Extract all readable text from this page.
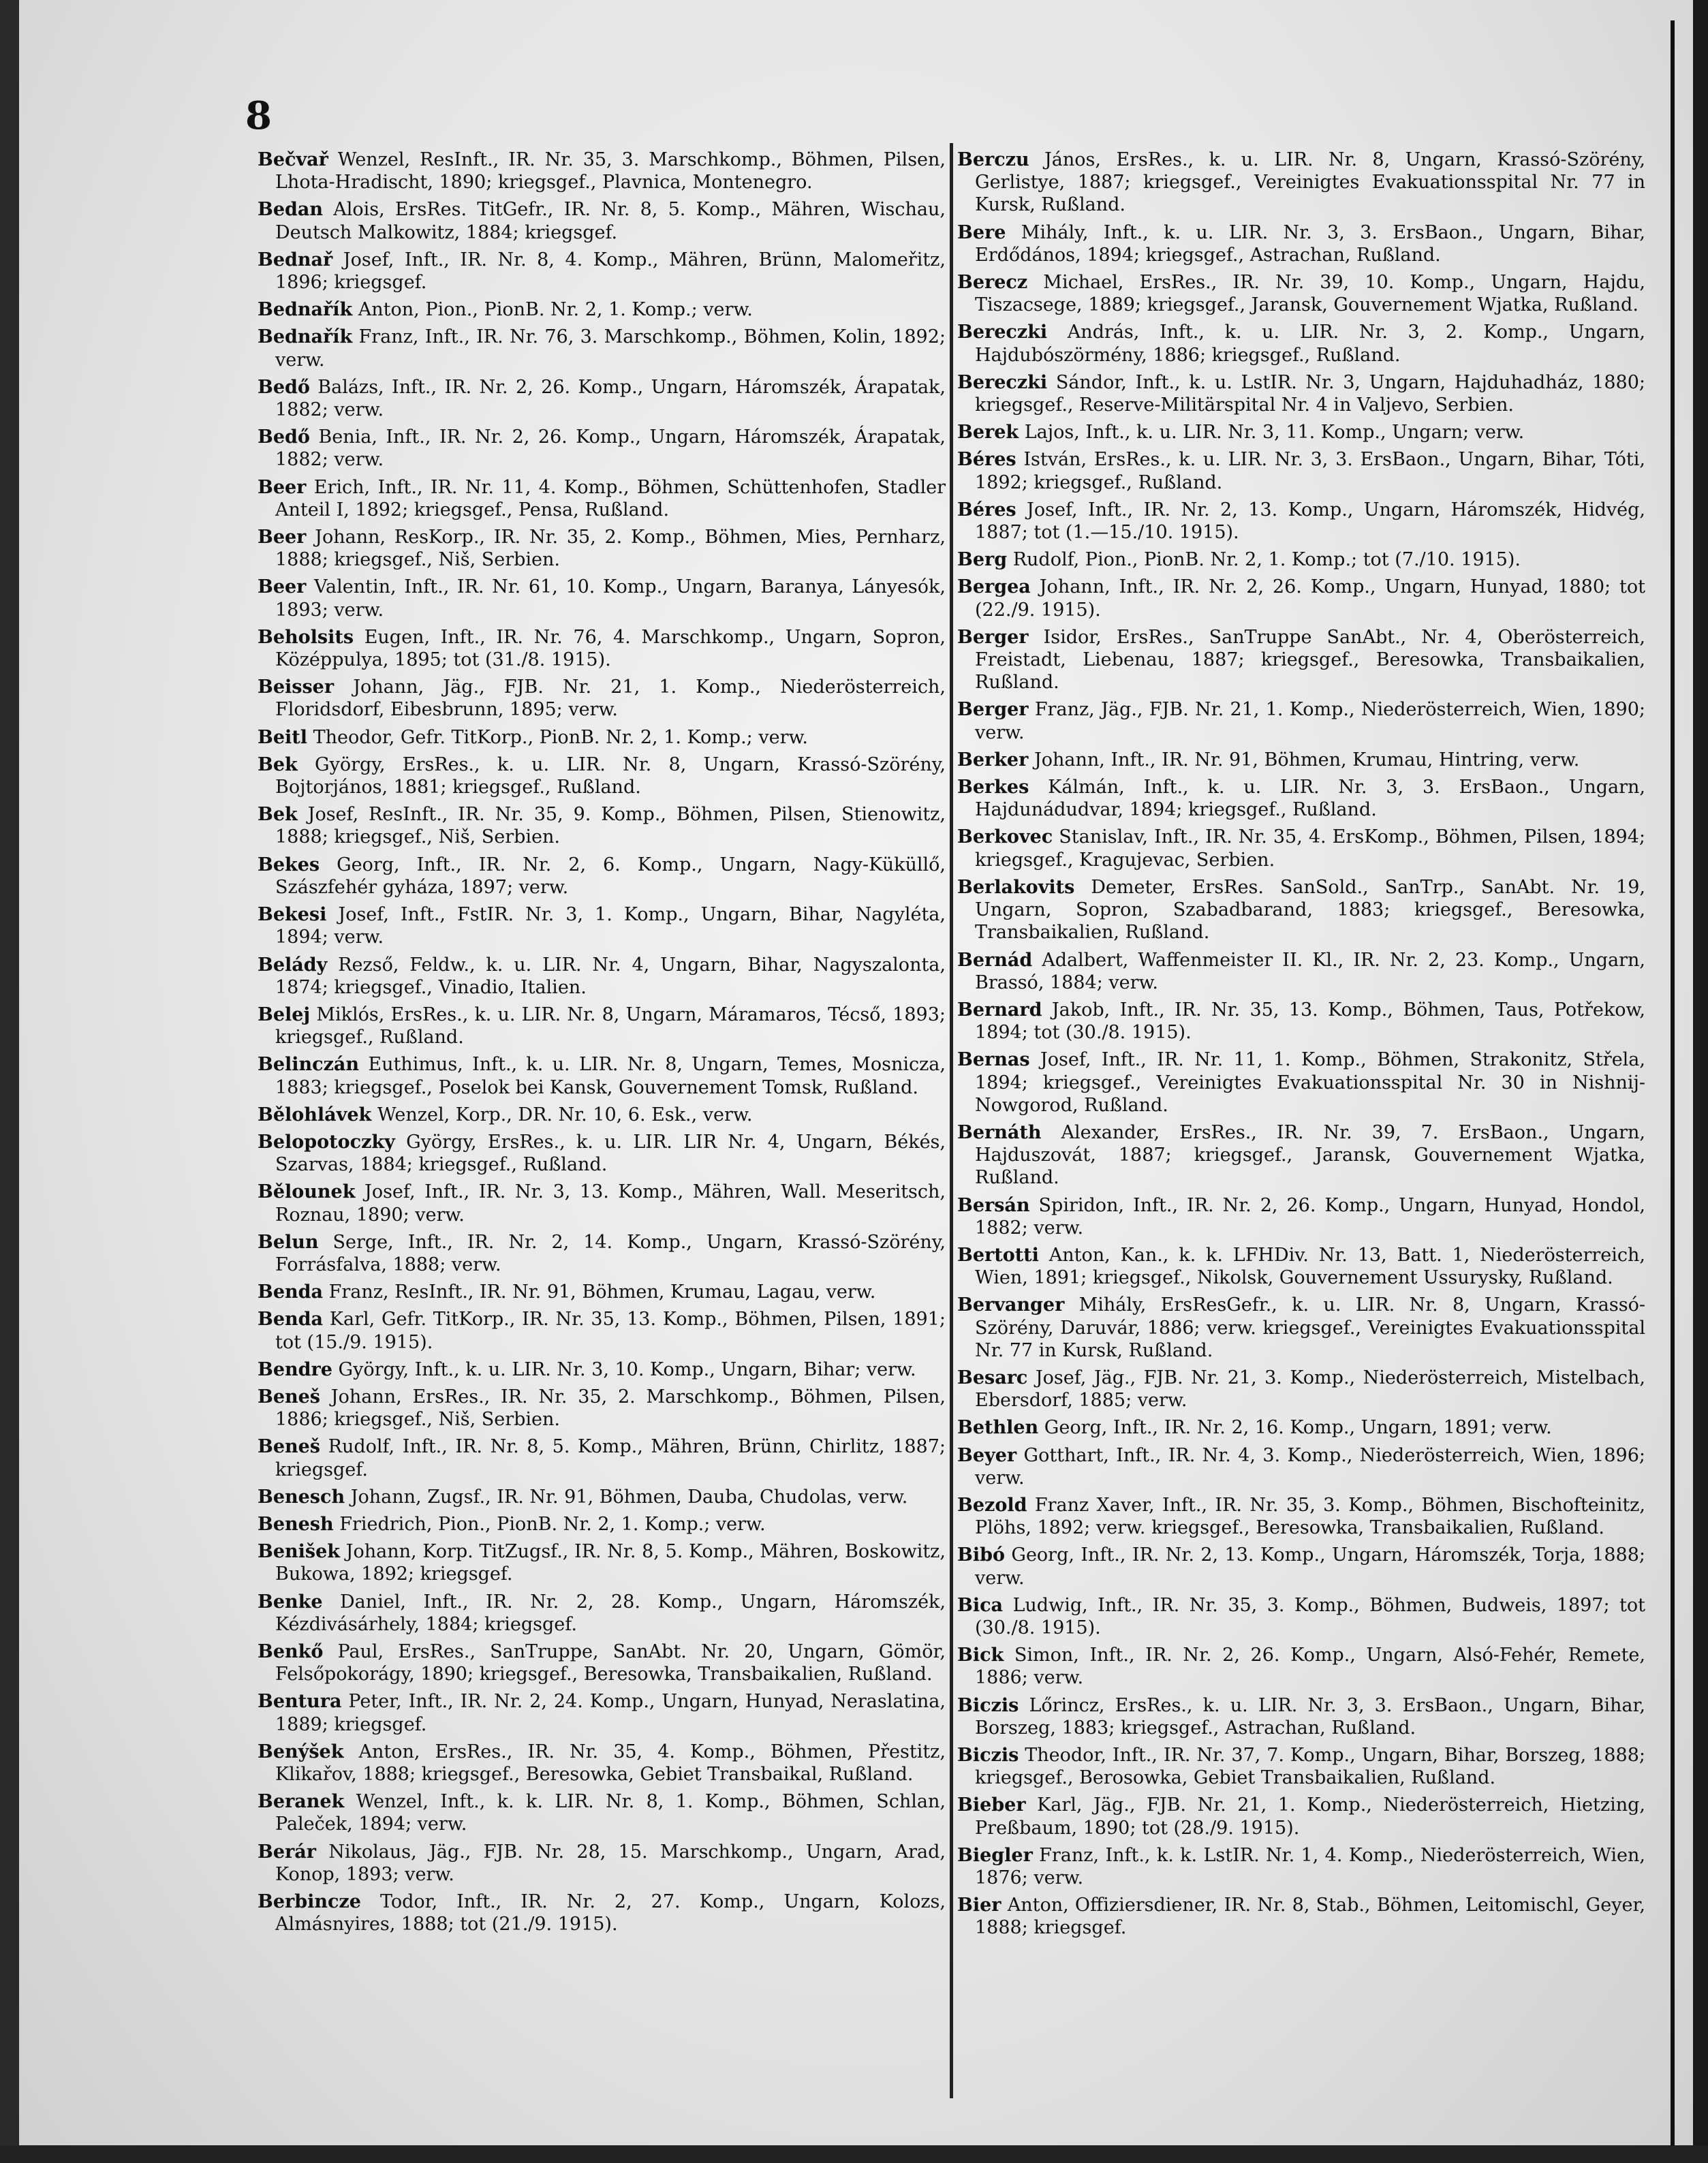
8

Bečvař Wenzel, ResInft., IR. Nr. 35, 3. Marschkomp., Böhmen, Pilsen, Lhota-Hradischt, 1890; kriegsgef., Plavnica, Montenegro.

Bedan Alois, ErsRes. TitGefr., IR. Nr. 8, 5. Komp., Mähren, Wischau, Deutsch Malkowitz, 1884; kriegsgef.

Bednař Josef, Inft., IR. Nr. 8, 4. Komp., Mähren, Brünn, Malomeřitz, 1896; kriegsgef.

Bednařík Anton, Pion., PionB. Nr. 2, 1. Komp.; verw.

Bednařík Franz, Inft., IR. Nr. 76, 3. Marschkomp., Böhmen, Kolin, 1892; verw.

Bedő Balázs, Inft., IR. Nr. 2, 26. Komp., Ungarn, Háromszék, Árapatak, 1882; verw.

Bedő Benia, Inft., IR. Nr. 2, 26. Komp., Ungarn, Háromszék, Árapatak, 1882; verw.

Beer Erich, Inft., IR. Nr. 11, 4. Komp., Böhmen, Schüttenhofen, Stadler Anteil I, 1892; kriegsgef., Pensa, Rußland.

Beer Johann, ResKorp., IR. Nr. 35, 2. Komp., Böhmen, Mies, Pernharz, 1888; kriegsgef., Niš, Serbien.

Beer Valentin, Inft., IR. Nr. 61, 10. Komp., Ungarn, Baranya, Lányesók, 1893; verw.

Beholsits Eugen, Inft., IR. Nr. 76, 4. Marschkomp., Ungarn, Sopron, Középpulya, 1895; tot (31./8. 1915).

Beisser Johann, Jäg., FJB. Nr. 21, 1. Komp., Niederösterreich, Floridsdorf, Eibesbrunn, 1895; verw.

Beitl Theodor, Gefr. TitKorp., PionB. Nr. 2, 1. Komp.; verw.

Bek György, ErsRes., k. u. LIR. Nr. 8, Ungarn, Krassó-Szörény, Bojtorjános, 1881; kriegsgef., Rußland.

Bek Josef, ResInft., IR. Nr. 35, 9. Komp., Böhmen, Pilsen, Stienowitz, 1888; kriegsgef., Niš, Serbien.

Bekes Georg, Inft., IR. Nr. 2, 6. Komp., Ungarn, Nagy-Küküllő, Szászfehér gyháza, 1897; verw.

Bekesi Josef, Inft., FstIR. Nr. 3, 1. Komp., Ungarn, Bihar, Nagyléta, 1894; verw.

Belády Rezső, Feldw., k. u. LIR. Nr. 4, Ungarn, Bihar, Nagyszalonta, 1874; kriegsgef., Vinadio, Italien.

Belej Miklós, ErsRes., k. u. LIR. Nr. 8, Ungarn, Máramaros, Técső, 1893; kriegsgef., Rußland.

Belinczán Euthimus, Inft., k. u. LIR. Nr. 8, Ungarn, Temes, Mosnicza, 1883; kriegsgef., Poselok bei Kansk, Gouvernement Tomsk, Rußland.

Bělohlávek Wenzel, Korp., DR. Nr. 10, 6. Esk., verw.

Belopotoczky György, ErsRes., k. u. LIR. LIR Nr. 4, Ungarn, Békés, Szarvas, 1884; kriegsgef., Rußland.

Bělounek Josef, Inft., IR. Nr. 3, 13. Komp., Mähren, Wall. Meseritsch, Roznau, 1890; verw.

Belun Serge, Inft., IR. Nr. 2, 14. Komp., Ungarn, Krassó-Szörény, Forrásfalva, 1888; verw.

Benda Franz, ResInft., IR. Nr. 91, Böhmen, Krumau, Lagau, verw.

Benda Karl, Gefr. TitKorp., IR. Nr. 35, 13. Komp., Böhmen, Pilsen, 1891; tot (15./9. 1915).

Bendre György, Inft., k. u. LIR. Nr. 3, 10. Komp., Ungarn, Bihar; verw.

Beneš Johann, ErsRes., IR. Nr. 35, 2. Marschkomp., Böhmen, Pilsen, 1886; kriegsgef., Niš, Serbien.

Beneš Rudolf, Inft., IR. Nr. 8, 5. Komp., Mähren, Brünn, Chirlitz, 1887; kriegsgef.

Benesch Johann, Zugsf., IR. Nr. 91, Böhmen, Dauba, Chudolas, verw.

Benesh Friedrich, Pion., PionB. Nr. 2, 1. Komp.; verw.

Benišek Johann, Korp. TitZugsf., IR. Nr. 8, 5. Komp., Mähren, Boskowitz, Bukowa, 1892; kriegsgef.

Benke Daniel, Inft., IR. Nr. 2, 28. Komp., Ungarn, Háromszék, Kézdivásárhely, 1884; kriegsgef.

Benkő Paul, ErsRes., SanTruppe, SanAbt. Nr. 20, Ungarn, Gömör, Felsőpokorágy, 1890; kriegsgef., Beresowka, Transbaikalien, Rußland.

Bentura Peter, Inft., IR. Nr. 2, 24. Komp., Ungarn, Hunyad, Neraslatina, 1889; kriegsgef.

Benýšek Anton, ErsRes., IR. Nr. 35, 4. Komp., Böhmen, Přestitz, Klikařov, 1888; kriegsgef., Beresowka, Gebiet Transbaikal, Rußland.

Beranek Wenzel, Inft., k. k. LIR. Nr. 8, 1. Komp., Böhmen, Schlan, Paleček, 1894; verw.

Berár Nikolaus, Jäg., FJB. Nr. 28, 15. Marschkomp., Ungarn, Arad, Konop, 1893; verw.

Berbincze Todor, Inft., IR. Nr. 2, 27. Komp., Ungarn, Kolozs, Almásnyires, 1888; tot (21./9. 1915).

Berczu János, ErsRes., k. u. LIR. Nr. 8, Ungarn, Krassó-Szörény, Gerlistye, 1887; kriegsgef., Vereinigtes Evakuationsspital Nr. 77 in Kursk, Rußland.

Bere Mihály, Inft., k. u. LIR. Nr. 3, 3. ErsBaon., Ungarn, Bihar, Erdődános, 1894; kriegsgef., Astrachan, Rußland.

Berecz Michael, ErsRes., IR. Nr. 39, 10. Komp., Ungarn, Hajdu, Tiszacsege, 1889; kriegsgef., Jaransk, Gouvernement Wjatka, Rußland.

Bereczki András, Inft., k. u. LIR. Nr. 3, 2. Komp., Ungarn, Hajdubószörmény, 1886; kriegsgef., Rußland.

Bereczki Sándor, Inft., k. u. LstIR. Nr. 3, Ungarn, Hajduhadház, 1880; kriegsgef., Reserve-Militärspital Nr. 4 in Valjevo, Serbien.

Berek Lajos, Inft., k. u. LIR. Nr. 3, 11. Komp., Ungarn; verw.

Béres István, ErsRes., k. u. LIR. Nr. 3, 3. ErsBaon., Ungarn, Bihar, Tóti, 1892; kriegsgef., Rußland.

Béres Josef, Inft., IR. Nr. 2, 13. Komp., Ungarn, Háromszék, Hidvég, 1887; tot (1.—15./10. 1915).

Berg Rudolf, Pion., PionB. Nr. 2, 1. Komp.; tot (7./10. 1915).

Bergea Johann, Inft., IR. Nr. 2, 26. Komp., Ungarn, Hunyad, 1880; tot (22./9. 1915).

Berger Isidor, ErsRes., SanTruppe SanAbt., Nr. 4, Oberösterreich, Freistadt, Liebenau, 1887; kriegsgef., Beresowka, Transbaikalien, Rußland.

Berger Franz, Jäg., FJB. Nr. 21, 1. Komp., Niederösterreich, Wien, 1890; verw.

Berker Johann, Inft., IR. Nr. 91, Böhmen, Krumau, Hintring, verw.

Berkes Kálmán, Inft., k. u. LIR. Nr. 3, 3. ErsBaon., Ungarn, Hajdunádudvar, 1894; kriegsgef., Rußland.

Berkovec Stanislav, Inft., IR. Nr. 35, 4. ErsKomp., Böhmen, Pilsen, 1894; kriegsgef., Kragujevac, Serbien.

Berlakovits Demeter, ErsRes. SanSold., SanTrp., SanAbt. Nr. 19, Ungarn, Sopron, Szabadbarand, 1883; kriegsgef., Beresowka, Transbaikalien, Rußland.

Bernád Adalbert, Waffenmeister II. Kl., IR. Nr. 2, 23. Komp., Ungarn, Brassó, 1884; verw.

Bernard Jakob, Inft., IR. Nr. 35, 13. Komp., Böhmen, Taus, Potřekow, 1894; tot (30./8. 1915).

Bernas Josef, Inft., IR. Nr. 11, 1. Komp., Böhmen, Strakonitz, Střela, 1894; kriegsgef., Vereinigtes Evakuationsspital Nr. 30 in Nishnij-Nowgorod, Rußland.

Bernáth Alexander, ErsRes., IR. Nr. 39, 7. ErsBaon., Ungarn, Hajduszovát, 1887; kriegsgef., Jaransk, Gouvernement Wjatka, Rußland.

Bersán Spiridon, Inft., IR. Nr. 2, 26. Komp., Ungarn, Hunyad, Hondol, 1882; verw.

Bertotti Anton, Kan., k. k. LFHDiv. Nr. 13, Batt. 1, Niederösterreich, Wien, 1891; kriegsgef., Nikolsk, Gouvernement Ussurysky, Rußland.

Bervanger Mihály, ErsResGefr., k. u. LIR. Nr. 8, Ungarn, Krassó-Szörény, Daruvár, 1886; verw. kriegsgef., Vereinigtes Evakuationsspital Nr. 77 in Kursk, Rußland.

Besarc Josef, Jäg., FJB. Nr. 21, 3. Komp., Niederösterreich, Mistelbach, Ebersdorf, 1885; verw.

Bethlen Georg, Inft., IR. Nr. 2, 16. Komp., Ungarn, 1891; verw.

Beyer Gotthart, Inft., IR. Nr. 4, 3. Komp., Niederösterreich, Wien, 1896; verw.

Bezold Franz Xaver, Inft., IR. Nr. 35, 3. Komp., Böhmen, Bischofteinitz, Plöhs, 1892; verw. kriegsgef., Beresowka, Transbaikalien, Rußland.

Bibó Georg, Inft., IR. Nr. 2, 13. Komp., Ungarn, Háromszék, Torja, 1888; verw.

Bica Ludwig, Inft., IR. Nr. 35, 3. Komp., Böhmen, Budweis, 1897; tot (30./8. 1915).

Bick Simon, Inft., IR. Nr. 2, 26. Komp., Ungarn, Alsó-Fehér, Remete, 1886; verw.

Biczis Lőrincz, ErsRes., k. u. LIR. Nr. 3, 3. ErsBaon., Ungarn, Bihar, Borszeg, 1883; kriegsgef., Astrachan, Rußland.

Biczis Theodor, Inft., IR. Nr. 37, 7. Komp., Ungarn, Bihar, Borszeg, 1888; kriegsgef., Berosowka, Gebiet Transbaikalien, Rußland.

Bieber Karl, Jäg., FJB. Nr. 21, 1. Komp., Niederösterreich, Hietzing, Preßbaum, 1890; tot (28./9. 1915).

Biegler Franz, Inft., k. k. LstIR. Nr. 1, 4. Komp., Niederösterreich, Wien, 1876; verw.

Bier Anton, Offiziersdiener, IR. Nr. 8, Stab., Böhmen, Leitomischl, Geyer, 1888; kriegsgef.
